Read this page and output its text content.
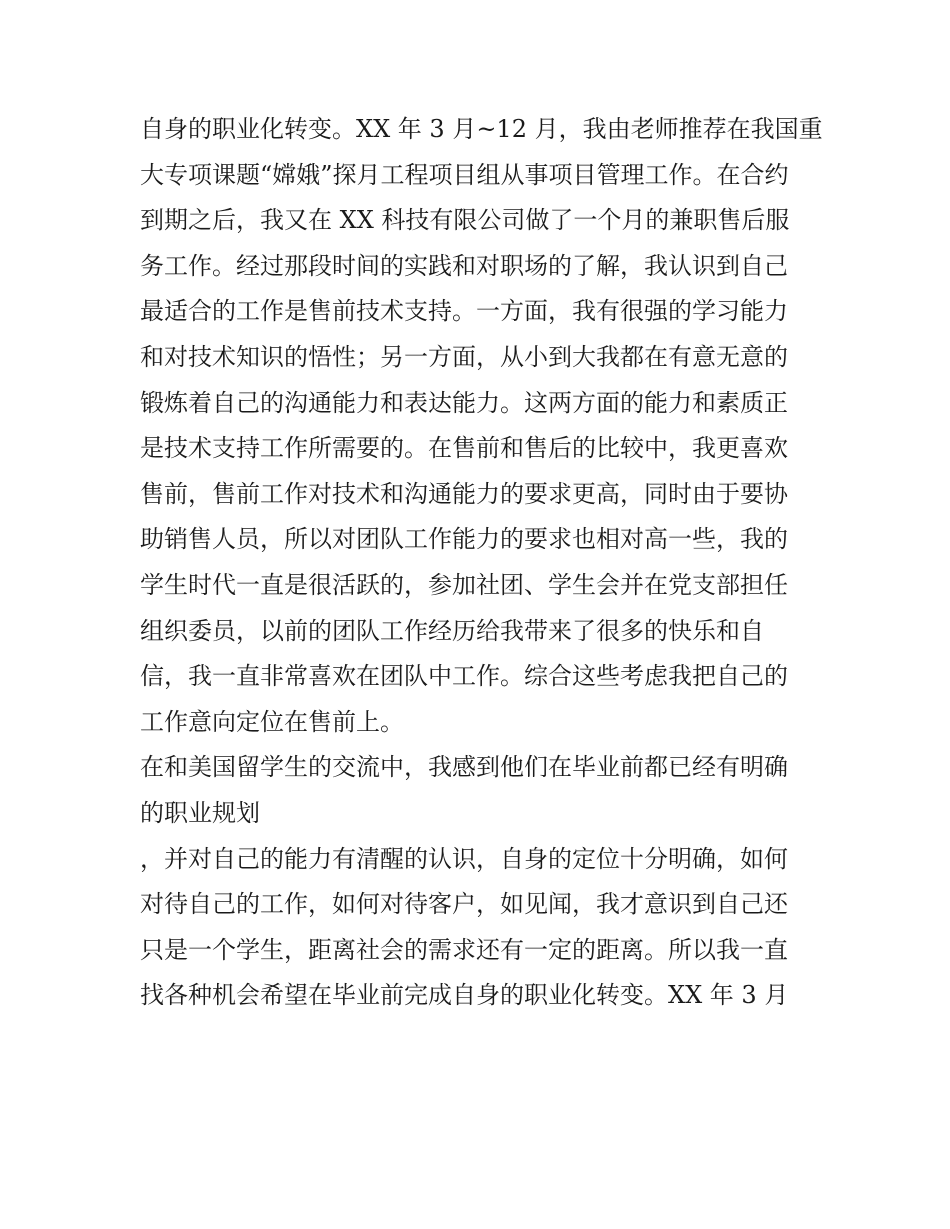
自身的职业化转变。XX 年 3 月~12 月，我由老师推荐在我国重
大专项课题“嫦娥”探月工程项目组从事项目管理工作。在合约
到期之后，我又在 XX 科技有限公司做了一个月的兼职售后服
务工作。经过那段时间的实践和对职场的了解，我认识到自己
最适合的工作是售前技术支持。一方面，我有很强的学习能力
和对技术知识的悟性；另一方面，从小到大我都在有意无意的
锻炼着自己的沟通能力和表达能力。这两方面的能力和素质正
是技术支持工作所需要的。在售前和售后的比较中，我更喜欢
售前，售前工作对技术和沟通能力的要求更高，同时由于要协
助销售人员，所以对团队工作能力的要求也相对高一些，我的
学生时代一直是很活跃的，参加社团、学生会并在党支部担任
组织委员，以前的团队工作经历给我带来了很多的快乐和自
信，我一直非常喜欢在团队中工作。综合这些考虑我把自己的
工作意向定位在售前上。
在和美国留学生的交流中，我感到他们在毕业前都已经有明确
的职业规划
，并对自己的能力有清醒的认识，自身的定位十分明确，如何
对待自己的工作，如何对待客户，如见闻，我才意识到自己还
只是一个学生，距离社会的需求还有一定的距离。所以我一直
找各种机会希望在毕业前完成自身的职业化转变。XX 年 3 月
